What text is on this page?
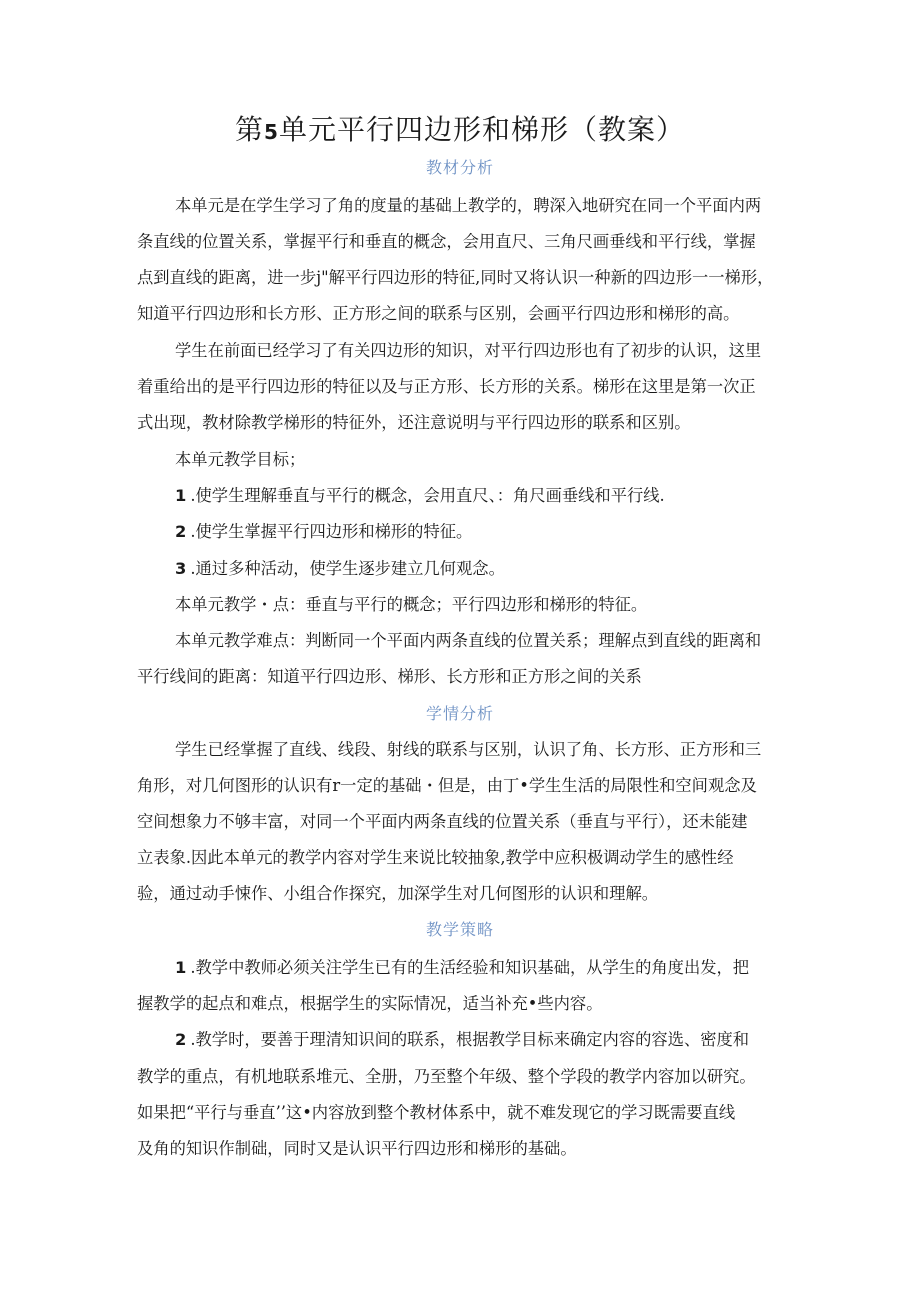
第5单元平行四边形和梯形（教案）
教材分析
本单元是在学生学习了角的度量的基础上教学的，聘深入地研究在同一个平面内两
条直线的位置关系，掌握平行和垂直的概念，会用直尺、三角尺画垂线和平行线，掌握
点到直线的距离，进一步j"解平行四边形的特征,同时又将认识一种新的四边形一一梯形，
知道平行四边形和长方形、正方形之间的联系与区别，会画平行四边形和梯形的高。
学生在前面已经学习了有关四边形的知识，对平行四边形也有了初步的认识，这里
着重给出的是平行四边形的特征以及与正方形、长方形的关系。梯形在这里是第一次正
式出现，教材除教学梯形的特征外，还注意说明与平行四边形的联系和区别。
本单元教学目标；
1 .使学生理解垂直与平行的概念，会用直尺、：角尺画垂线和平行线.
2 .使学生掌握平行四边形和梯形的特征。
3 .通过多种活动，使学生逐步建立几何观念。
本单元教学・点：垂直与平行的概念；平行四边形和梯形的特征。
本单元教学难点：判断同一个平面内两条直线的位置关系；理解点到直线的距离和
平行线间的距离：知道平行四边形、梯形、长方形和正方形之间的关系
学情分析
学生已经掌握了直线、线段、射线的联系与区别，认识了角、长方形、正方形和三
角形，对几何图形的认识有r一定的基础・但是，由丁•学生生活的局限性和空间观念及
空间想象力不够丰富，对同一个平面内两条直线的位置关系（垂直与平行），还未能建
立表象.因此本单元的教学内容对学生来说比较抽象,教学中应积极调动学生的感性经
验，通过动手悚作、小组合作探究，加深学生对几何图形的认识和理解。
教学策略
1 .教学中教师必须关注学生已有的生活经验和知识基础，从学生的角度出发，把
握教学的起点和难点，根据学生的实际情况，适当补充•些内容。
2 .教学时，要善于理清知识间的联系，根据教学目标来确定内容的容选、密度和
教学的重点，有机地联系堆元、全册，乃至整个年级、整个学段的教学内容加以研究。
如果把“平行与垂直’’这•内容放到整个教材体系中，就不难发现它的学习既需要直线
及角的知识作制础，同时又是认识平行四边形和梯形的基础。
